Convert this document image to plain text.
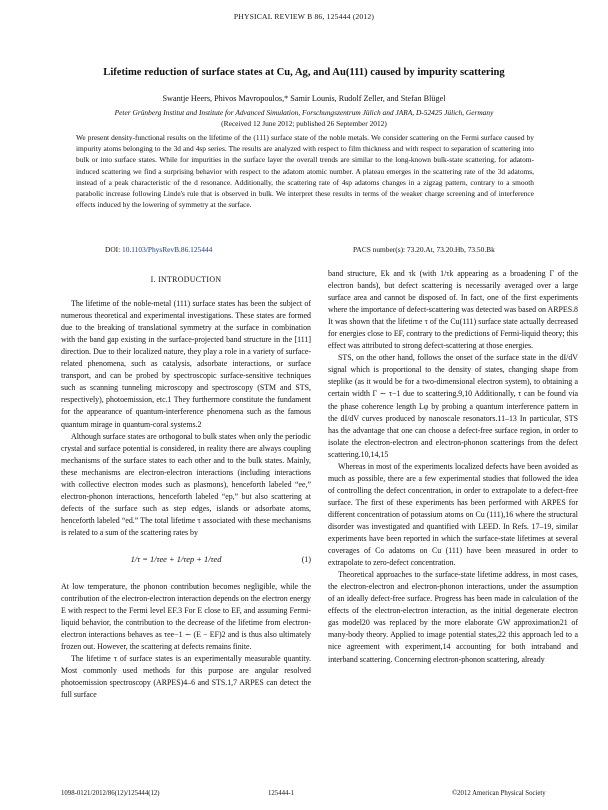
PHYSICAL REVIEW B 86, 125444 (2012)
Lifetime reduction of surface states at Cu, Ag, and Au(111) caused by impurity scattering
Swantje Heers, Phivos Mavropoulos,* Samir Lounis, Rudolf Zeller, and Stefan Blügel
Peter Grünberg Institut and Institute for Advanced Simulation, Forschungszentrum Jülich and JARA, D-52425 Jülich, Germany
(Received 12 June 2012; published 26 September 2012)
We present density-functional results on the lifetime of the (111) surface state of the noble metals. We consider scattering on the Fermi surface caused by impurity atoms belonging to the 3d and 4sp series. The results are analyzed with respect to film thickness and with respect to separation of scattering into bulk or into surface states. While for impurities in the surface layer the overall trends are similar to the long-known bulk-state scattering, for adatom-induced scattering we find a surprising behavior with respect to the adatom atomic number. A plateau emerges in the scattering rate of the 3d adatoms, instead of a peak characteristic of the d resonance. Additionally, the scattering rate of 4sp adatoms changes in a zigzag pattern, contrary to a smooth parabolic increase following Linde's rule that is observed in bulk. We interpret these results in terms of the weaker charge screening and of interference effects induced by the lowering of symmetry at the surface.
DOI: 10.1103/PhysRevB.86.125444	PACS number(s): 73.20.At, 73.20.Hb, 73.50.Bk
I. INTRODUCTION

The lifetime of the noble-metal (111) surface states has been the subject of numerous theoretical and experimental investigations. These states are formed due to the breaking of translational symmetry at the surface in combination with the band gap existing in the surface-projected band structure in the [111] direction. Due to their localized nature, they play a role in a variety of surface-related phenomena, such as catalysis, adsorbate interactions, or surface transport, and can be probed by spectroscopic surface-sensitive techniques such as scanning tunneling microscopy and spectroscopy (STM and STS, respectively), photoemission, etc.1 They furthermore constitute the fundament for the appearance of quantum-interference phenomena such as the famous quantum mirage in quantum-coral systems.2

Although surface states are orthogonal to bulk states when only the periodic crystal and surface potential is considered, in reality there are always coupling mechanisms of the surface states to each other and to the bulk states. Mainly, these mechanisms are electron-electron interactions (including interactions with collective electron modes such as plasmons), henceforth labeled “ee,” electron-phonon interactions, henceforth labeled “ep,” but also scattering at defects of the surface such as step edges, islands or adsorbate atoms, henceforth labeled “ed.” The total lifetime τ associated with these mechanisms is related to a sum of the scattering rates by

1/τ = 1/τee + 1/τep + 1/τed	(1)

At low temperature, the phonon contribution becomes negligible, while the contribution of the electron-electron interaction depends on the electron energy E with respect to the Fermi level EF.3 For E close to EF, and assuming Fermi-liquid behavior, the contribution to the decrease of the lifetime from electron-electron interactions behaves as τee−1 ∼ (E − EF)2 and is thus also ultimately frozen out. However, the scattering at defects remains finite.

The lifetime τ of surface states is an experimentally measurable quantity. Most commonly used methods for this purpose are angular resolved photoemission spectroscopy (ARPES)4–6 and STS.1,7 ARPES can detect the full surface

band structure, Ek and τk (with 1/τk appearing as a broadening Γ of the electron bands), but defect scattering is necessarily averaged over a large surface area and cannot be disposed of. In fact, one of the first experiments where the importance of defect-scattering was detected was based on ARPES.8 It was shown that the lifetime τ of the Cu(111) surface state actually decreased for energies close to EF, contrary to the predictions of Fermi-liquid theory; this effect was attributed to strong defect-scattering at those energies.

STS, on the other hand, follows the onset of the surface state in the dI/dV signal which is proportional to the density of states, changing shape from steplike (as it would be for a two-dimensional electron system), to obtaining a certain width Γ ∼ τ−1 due to scattering.9,10 Additionally, τ can be found via the phase coherence length Lφ by probing a quantum interference pattern in the dI/dV curves produced by nanoscale resonators.11–13 In particular, STS has the advantage that one can choose a defect-free surface region, in order to isolate the electron-electron and electron-phonon scatterings from the defect scattering.10,14,15

Whereas in most of the experiments localized defects have been avoided as much as possible, there are a few experimental studies that followed the idea of controlling the defect concentration, in order to extrapolate to a defect-free surface. The first of these experiments has been performed with ARPES for different concentration of potassium atoms on Cu (111),16 where the structural disorder was investigated and quantified with LEED. In Refs. 17–19, similar experiments have been reported in which the surface-state lifetimes at several coverages of Co adatoms on Cu (111) have been measured in order to extrapolate to zero-defect concentration.

Theoretical approaches to the surface-state lifetime address, in most cases, the electron-electron and electron-phonon interactions, under the assumption of an ideally defect-free surface. Progress has been made in calculation of the effects of the electron-electron interaction, as the initial degenerate electron gas model20 was replaced by the more elaborate GW approximation21 of many-body theory. Applied to image potential states,22 this approach led to a nice agreement with experiment,14 accounting for both intraband and interband scattering. Concerning electron-phonon scattering, already

1098-0121/2012/86(12)/125444(12)	125444-1	©2012 American Physical Society
